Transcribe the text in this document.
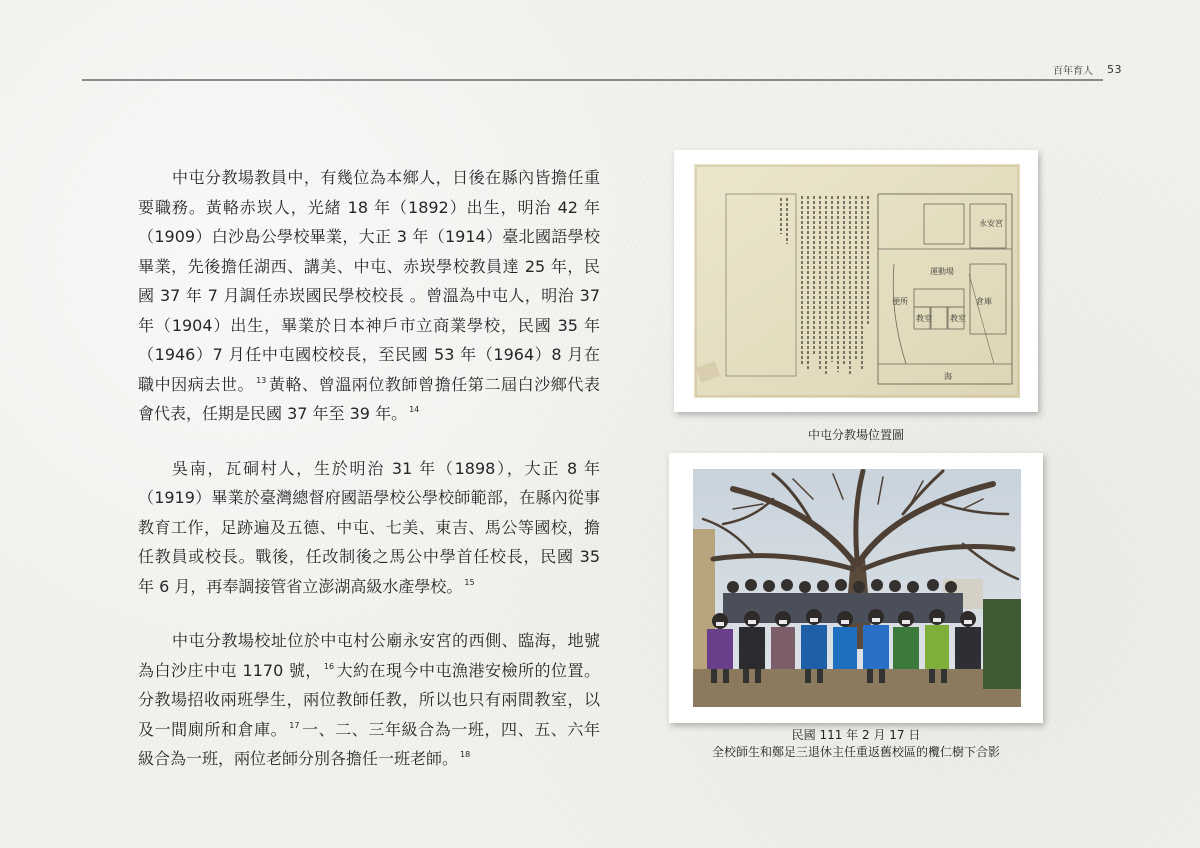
百年育人 53

中屯分教場教員中，有幾位為本鄉人，日後在縣內皆擔任重要職務。黃輅赤崁人，光緒 18 年（1892）出生，明治 42 年（1909）白沙島公學校畢業，大正 3 年（1914）臺北國語學校畢業，先後擔任湖西、講美、中屯、赤崁學校教員達 25 年，民國 37 年 7 月調任赤崁國民學校校長 。曾溫為中屯人，明治 37 年（1904）出生，畢業於日本神戶市立商業學校，民國 35 年（1946）7 月任中屯國校校長，至民國 53 年（1964）8 月在職中因病去世。 $^{13}$ 黃輅、曾溫兩位教師曾擔任第二屆白沙鄉代表會代表，任期是民國 37 年至 39 年。 $^{14}$

吳南，瓦硐村人，生於明治 31 年（1898），大正 8 年（1919）畢業於臺灣總督府國語學校公學校師範部，在縣內從事教育工作，足跡遍及五德、中屯、七美、東吉、馬公等國校，擔任教員或校長。戰後，任改制後之馬公中學首任校長，民國 35 年 6 月，再奉調接管省立澎湖高級水產學校。 $^{15}$

中屯分教場校址位於中屯村公廟永安宮的西側、臨海，地號為白沙庄中屯 1170 號， $^{16}$ 大約在現今中屯漁港安檢所的位置。分教場招收兩班學生，兩位教師任教，所以也只有兩間教室，以及一間廁所和倉庫。 $^{17}$ 一、二、三年級合為一班，四、五、六年級合為一班，兩位老師分別各擔任一班老師。 $^{18}$

永安宮
海
運動場
教室 教室
便所	倉庫
中屯分教場位置圖
民國 111 年 2 月 17 日
全校師生和鄭足三退休主任重返舊校區的欖仁樹下合影
